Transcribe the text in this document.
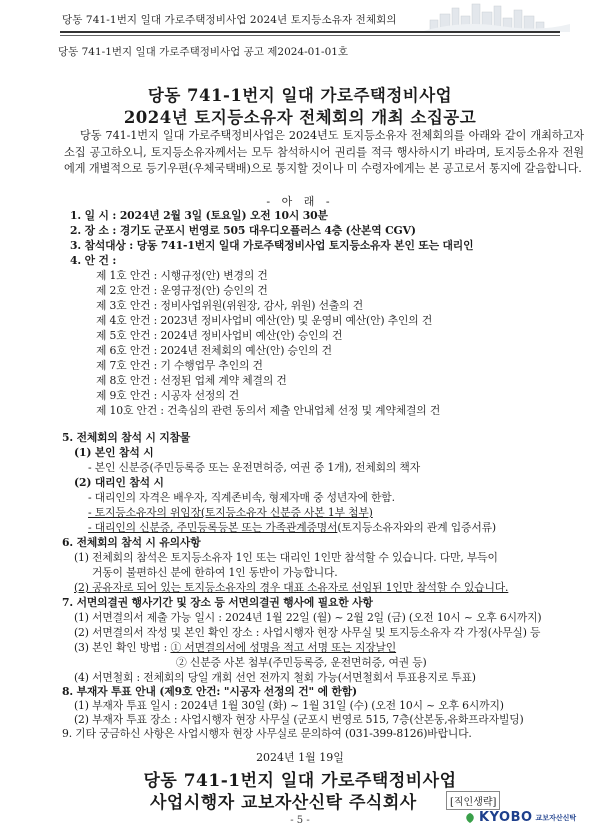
당동 741-1번지 일대 가로주택정비사업 2024년 토지등소유자 전체회의
당동 741-1번지 일대 가로주택정비사업 공고 제2024-01-01호
당동 741-1번지 일대 가로주택정비사업
2024년 토지등소유자 전체회의 개최 소집공고
당동 741-1번지 일대 가로주택정비사업은 2024년도 토지등소유자 전체회의를 아래와 같이 개최하고자 소집 공고하오니, 토지등소유자께서는 모두 참석하시어 권리를 적극 행사하시기 바라며, 토지등소유자 전원에게 개별적으로 등기우편(우체국택배)으로 통지할 것이나 미 수령자에게는 본 공고로서 통지에 갈음합니다.
- 아 래 -
1. 일 시 : 2024년 2월 3일 (토요일) 오전 10시 30분
2. 장 소 : 경기도 군포시 번영로 505 대우디오플러스 4층 (산본역 CGV)
3. 참석대상 : 당동 741-1번지 일대 가로주택정비사업 토지등소유자 본인 또는 대리인
4. 안 건 :
제 1호 안건 : 시행규정(안) 변경의 건
제 2호 안건 : 운영규정(안) 승인의 건
제 3호 안건 : 정비사업위원(위원장, 감사, 위원) 선출의 건
제 4호 안건 : 2023년 정비사업비 예산(안) 및 운영비 예산(안) 추인의 건
제 5호 안건 : 2024년 정비사업비 예산(안) 승인의 건
제 6호 안건 : 2024년 전체회의 예산(안) 승인의 건
제 7호 안건 : 기 수행업무 추인의 건
제 8호 안건 : 선정된 업체 계약 체결의 건
제 9호 안건 : 시공자 선정의 건
제 10호 안건 : 건축심의 관련 동의서 제출 안내업체 선정 및 계약체결의 건
5. 전체회의 참석 시 지참물
(1) 본인 참석 시
- 본인 신분증(주민등록증 또는 운전면허증, 여권 중 1개), 전체회의 책자
(2) 대리인 참석 시
- 대리인의 자격은 배우자, 직계존비속, 형제자매 중 성년자에 한함.
- 토지등소유자의 위임장(토지등소유자 신분증 사본 1부 첨부)
- 대리인의 신분증, 주민등록등본 또는 가족관계증명서(토지등소유자와의 관계 입증서류)
6. 전체회의 참석 시 유의사항
(1) 전체회의 참석은 토지등소유자 1인 또는 대리인 1인만 참석할 수 있습니다. 다만, 부득이
거동이 불편하신 분에 한하여 1인 동반이 가능합니다.
(2) 공유자로 되어 있는 토지등소유자의 경우 대표 소유자로 선임된 1인만 참석할 수 있습니다.
7. 서면의결권 행사기간 및 장소 등 서면의결권 행사에 필요한 사항
(1) 서면결의서 제출 가능 일시 : 2024년 1월 22일 (월) ~ 2월 2일 (금) (오전 10시 ~ 오후 6시까지)
(2) 서면결의서 작성 및 본인 확인 장소 : 사업시행자 현장 사무실 및 토지등소유자 각 가정(사무실) 등
(3) 본인 확인 방법 : ① 서면결의서에 성명을 적고 서명 또는 지장날인
② 신분증 사본 첨부(주민등록증, 운전면허증, 여권 등)
(4) 서면철회 : 전체회의 당일 개회 선언 전까지 철회 가능(서면철회서 투표용지로 투표)
8. 부재자 투표 안내 (제9호 안건: "시공자 선정의 건" 에 한함)
(1) 부재자 투표 일시 : 2024년 1월 30일 (화) ~ 1월 31일 (수) (오전 10시 ~ 오후 6시까지)
(2) 부재자 투표 장소 : 사업시행자 현장 사무실 (군포시 번영로 515, 7층(산본동,유화프라자빌딩)
9. 기타 궁금하신 사항은 사업시행자 현장 사무실로 문의하여 (031-399-8126)바랍니다.
2024년 1월 19일
당동 741-1번지 일대 가로주택정비사업
사업시행자 교보자산신탁 주식회사	[직인생략]
- 5 -	KYOBO 교보자산신탁
